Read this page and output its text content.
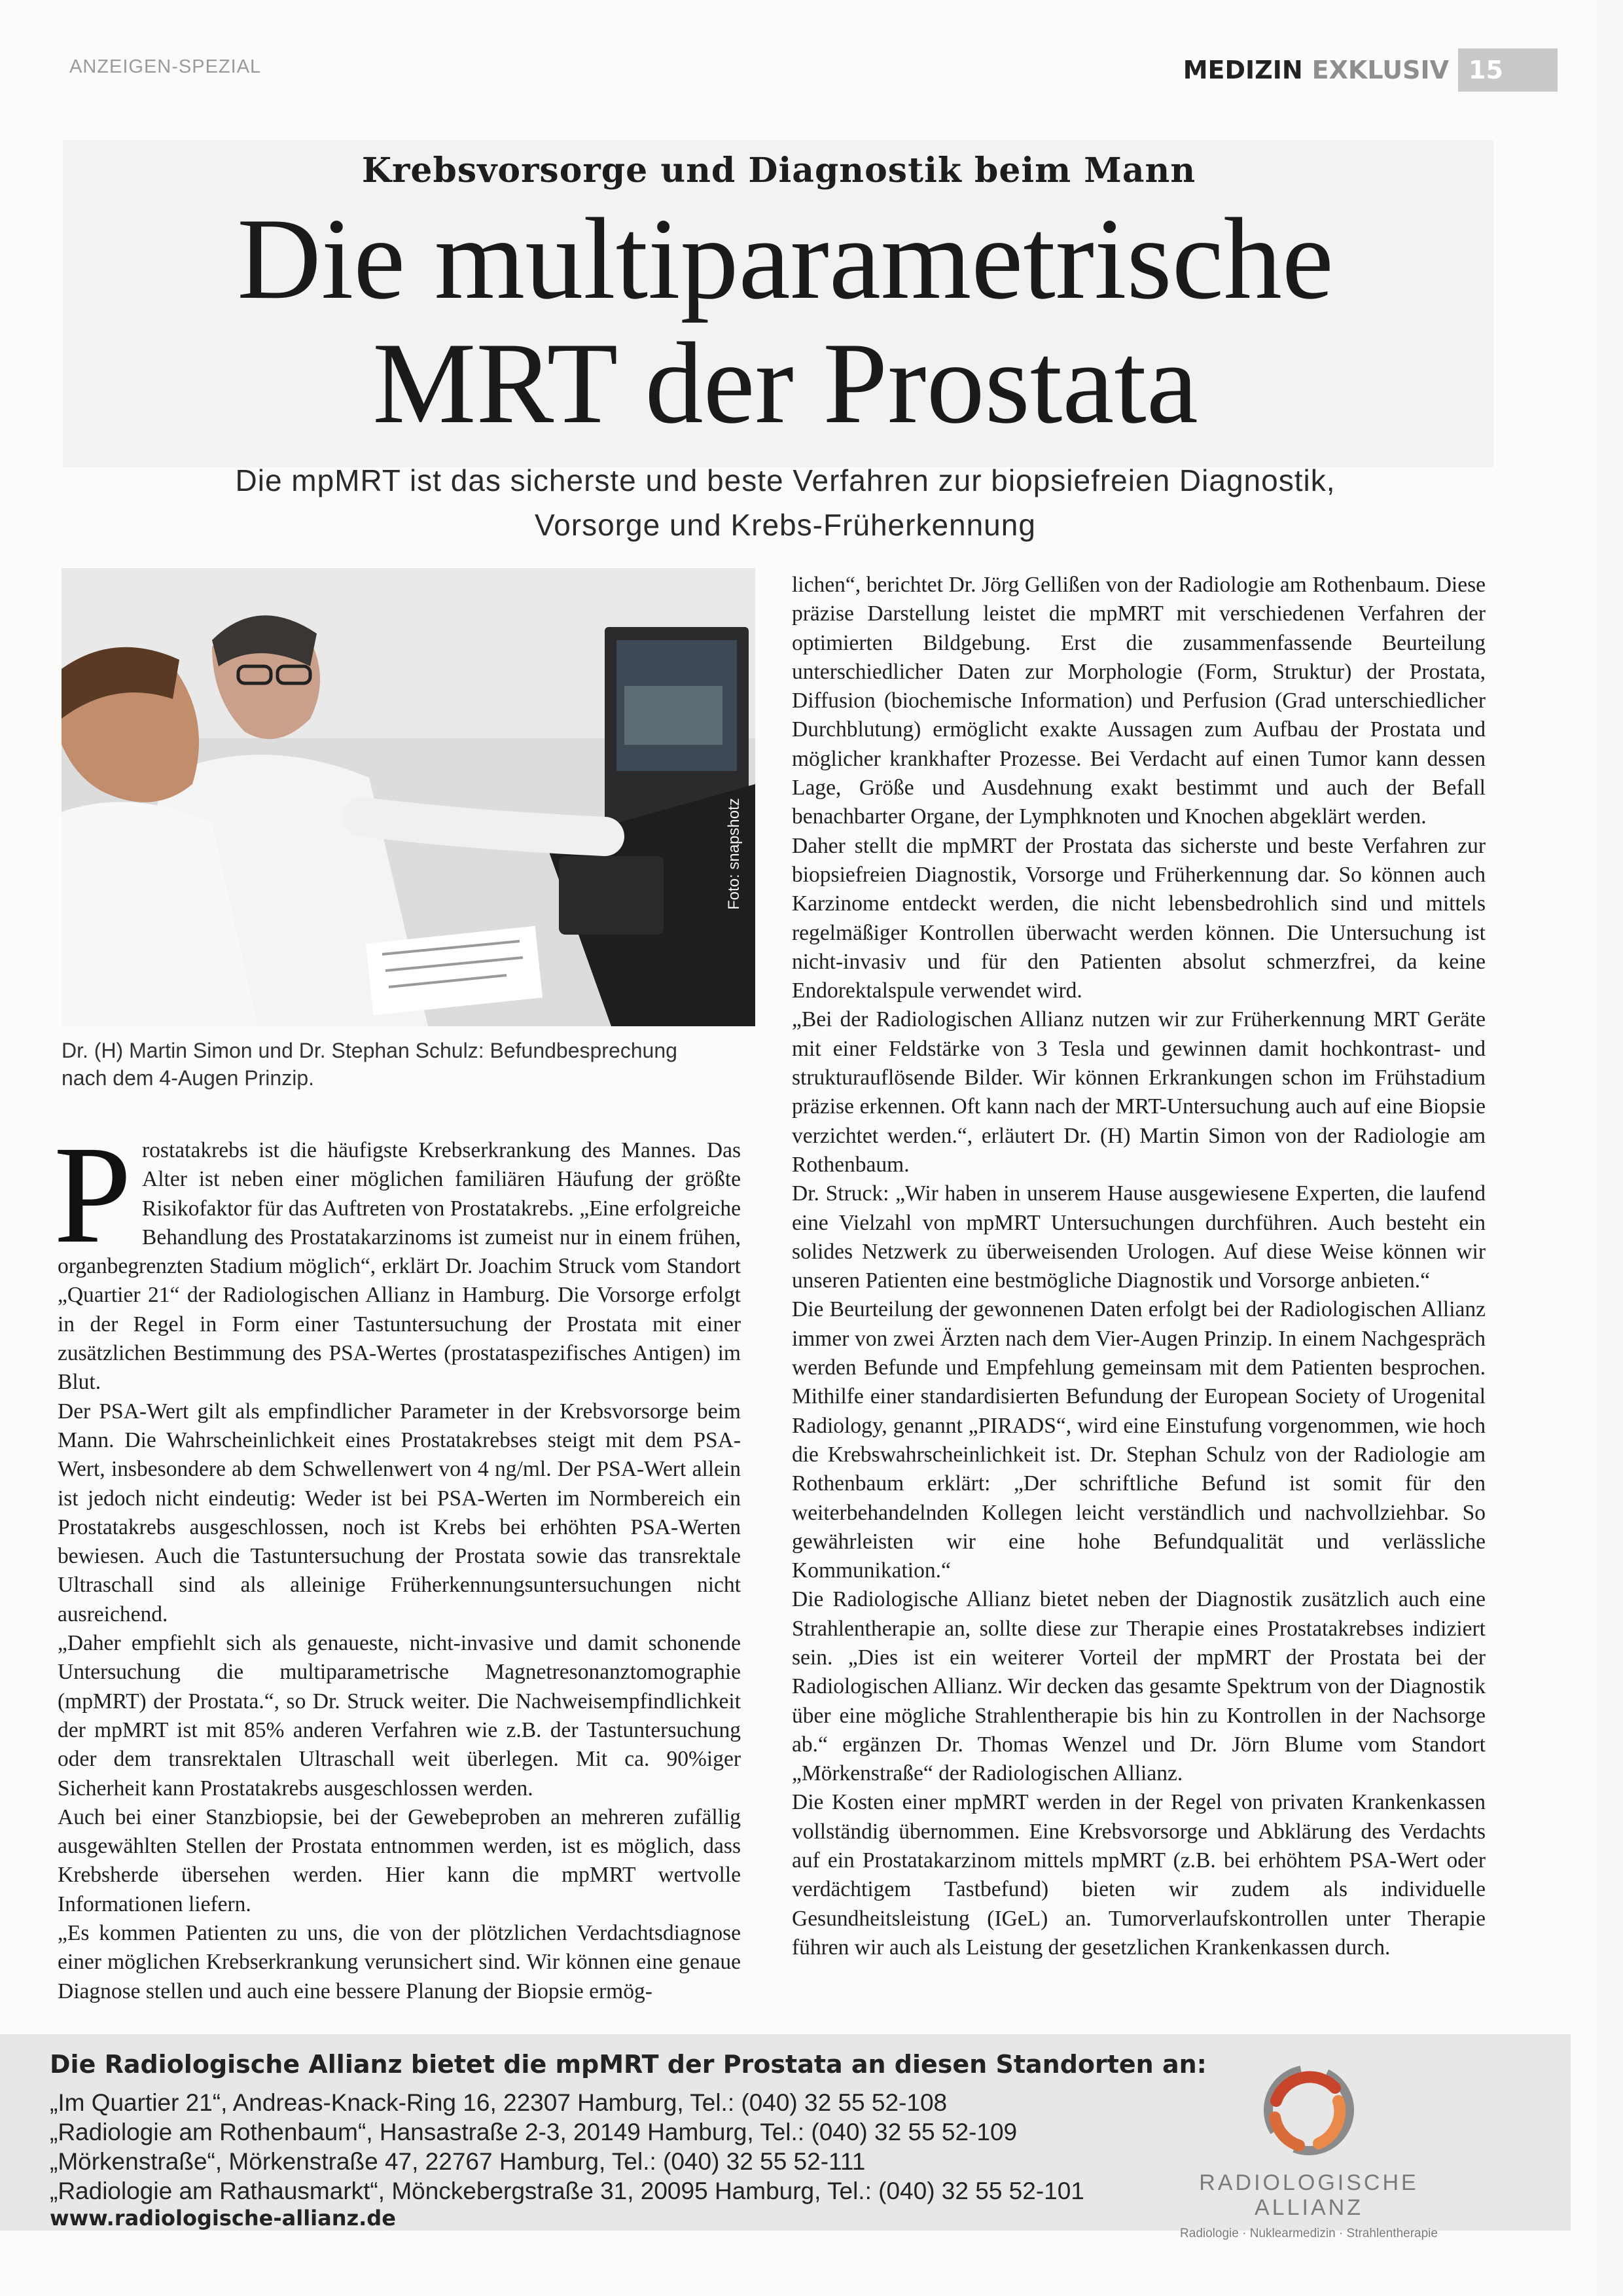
ANZEIGEN-SPEZIAL	MEDIZIN EXKLUSIV 15
Krebsvorsorge und Diagnostik beim Mann
Die multiparametrische
MRT der Prostata
Die mpMRT ist das sicherste und beste Verfahren zur biopsiefreien Diagnostik,
Vorsorge und Krebs-Früherkennung
Foto: snapshotz
Dr. (H) Martin Simon und Dr. Stephan Schulz: Befundbesprechung
nach dem 4-Augen Prinzip.
P rostatakrebs ist die häufigste Krebserkrankung des Mannes. Das Alter ist neben einer möglichen familiären Häufung der größte Risikofaktor für das Auftreten von Prostatakrebs. „Eine erfolgreiche Behandlung des Prostatakarzinoms ist zumeist nur in einem frühen, organbegrenzten Stadium möglich“, erklärt Dr. Joachim Struck vom Standort „Quartier 21“ der Radiologischen Allianz in Hamburg. Die Vorsorge erfolgt in der Regel in Form einer Tastuntersuchung der Prostata mit einer zusätzlichen Bestimmung des PSA-Wertes (prostataspezifisches Antigen) im Blut.

Der PSA-Wert gilt als empfindlicher Parameter in der Krebsvorsorge beim Mann. Die Wahrscheinlichkeit eines Prostatakrebses steigt mit dem PSA-Wert, insbesondere ab dem Schwellenwert von 4 ng/ml. Der PSA-Wert allein ist jedoch nicht eindeutig: Weder ist bei PSA-Werten im Normbereich ein Prostatakrebs ausgeschlossen, noch ist Krebs bei erhöhten PSA-Werten bewiesen. Auch die Tastuntersuchung der Prostata sowie das transrektale Ultraschall sind als alleinige Früherkennungsuntersuchungen nicht ausreichend.

„Daher empfiehlt sich als genaueste, nicht-invasive und damit schonende Untersuchung die multiparametrische Magnetresonanztomographie (mpMRT) der Prostata.“, so Dr. Struck weiter. Die Nachweisempfindlichkeit der mpMRT ist mit 85% anderen Verfahren wie z.B. der Tastuntersuchung oder dem transrektalen Ultraschall weit überlegen. Mit ca. 90%iger Sicherheit kann Prostatakrebs ausgeschlossen werden.

Auch bei einer Stanzbiopsie, bei der Gewebeproben an mehreren zufällig ausgewählten Stellen der Prostata entnommen werden, ist es möglich, dass Krebsherde übersehen werden. Hier kann die mpMRT wertvolle Informationen liefern.

„Es kommen Patienten zu uns, die von der plötzlichen Verdachtsdiagnose einer möglichen Krebserkrankung verunsichert sind. Wir können eine genaue Diagnose stellen und auch eine bessere Planung der Biopsie ermög-

lichen“, berichtet Dr. Jörg Gellißen von der Radiologie am Rothenbaum. Diese präzise Darstellung leistet die mpMRT mit verschiedenen Verfahren der optimierten Bildgebung. Erst die zusammenfassende Beurteilung unterschiedlicher Daten zur Morphologie (Form, Struktur) der Prostata, Diffusion (biochemische Information) und Perfusion (Grad unterschiedlicher Durchblutung) ermöglicht exakte Aussagen zum Aufbau der Prostata und möglicher krankhafter Prozesse. Bei Verdacht auf einen Tumor kann dessen Lage, Größe und Ausdehnung exakt bestimmt und auch der Befall benachbarter Organe, der Lymphknoten und Knochen abgeklärt werden.

Daher stellt die mpMRT der Prostata das sicherste und beste Verfahren zur biopsiefreien Diagnostik, Vorsorge und Früherkennung dar. So können auch Karzinome entdeckt werden, die nicht lebensbedrohlich sind und mittels regelmäßiger Kontrollen überwacht werden können. Die Untersuchung ist nicht-invasiv und für den Patienten absolut schmerzfrei, da keine Endorektalspule verwendet wird.

„Bei der Radiologischen Allianz nutzen wir zur Früherkennung MRT Geräte mit einer Feldstärke von 3 Tesla und gewinnen damit hochkontrast- und strukturauflösende Bilder. Wir können Erkrankungen schon im Frühstadium präzise erkennen. Oft kann nach der MRT-Untersuchung auch auf eine Biopsie verzichtet werden.“, erläutert Dr. (H) Martin Simon von der Radiologie am Rothenbaum.

Dr. Struck: „Wir haben in unserem Hause ausgewiesene Experten, die laufend eine Vielzahl von mpMRT Untersuchungen durchführen. Auch besteht ein solides Netzwerk zu überweisenden Urologen. Auf diese Weise können wir unseren Patienten eine bestmögliche Diagnostik und Vorsorge anbieten.“

Die Beurteilung der gewonnenen Daten erfolgt bei der Radiologischen Allianz immer von zwei Ärzten nach dem Vier-Augen Prinzip. In einem Nachgespräch werden Befunde und Empfehlung gemeinsam mit dem Patienten besprochen. Mithilfe einer standardisierten Befundung der European Society of Urogenital Radiology, genannt „PIRADS“, wird eine Einstufung vorgenommen, wie hoch die Krebswahrscheinlichkeit ist. Dr. Stephan Schulz von der Radiologie am Rothenbaum erklärt: „Der schriftliche Befund ist somit für den weiterbehandelnden Kollegen leicht verständlich und nachvollziehbar. So gewährleisten wir eine hohe Befundqualität und verlässliche Kommunikation.“

Die Radiologische Allianz bietet neben der Diagnostik zusätzlich auch eine Strahlentherapie an, sollte diese zur Therapie eines Prostatakrebses indiziert sein. „Dies ist ein weiterer Vorteil der mpMRT der Prostata bei der Radiologischen Allianz. Wir decken das gesamte Spektrum von der Diagnostik über eine mögliche Strahlentherapie bis hin zu Kontrollen in der Nachsorge ab.“ ergänzen Dr. Thomas Wenzel und Dr. Jörn Blume vom Standort „Mörkenstraße“ der Radiologischen Allianz.

Die Kosten einer mpMRT werden in der Regel von privaten Krankenkassen vollständig übernommen. Eine Krebsvorsorge und Abklärung des Verdachts auf ein Prostatakarzinom mittels mpMRT (z.B. bei erhöhtem PSA-Wert oder verdächtigem Tastbefund) bieten wir zudem als individuelle Gesundheitsleistung (IGeL) an. Tumorverlaufskontrollen unter Therapie führen wir auch als Leistung der gesetzlichen Krankenkassen durch.

Die Radiologische Allianz bietet die mpMRT der Prostata an diesen Standorten an:
„Im Quartier 21“, Andreas-Knack-Ring 16, 22307 Hamburg, Tel.: (040) 32 55 52-108
„Radiologie am Rothenbaum“, Hansastraße 2-3, 20149 Hamburg, Tel.: (040) 32 55 52-109
„Mörkenstraße“, Mörkenstraße 47, 22767 Hamburg, Tel.: (040) 32 55 52-111
„Radiologie am Rathausmarkt“, Mönckebergstraße 31, 20095 Hamburg, Tel.: (040) 32 55 52-101
www.radiologische-allianz.de
RADIOLOGISCHE
ALLIANZ
Radiologie · Nuklearmedizin · Strahlentherapie
